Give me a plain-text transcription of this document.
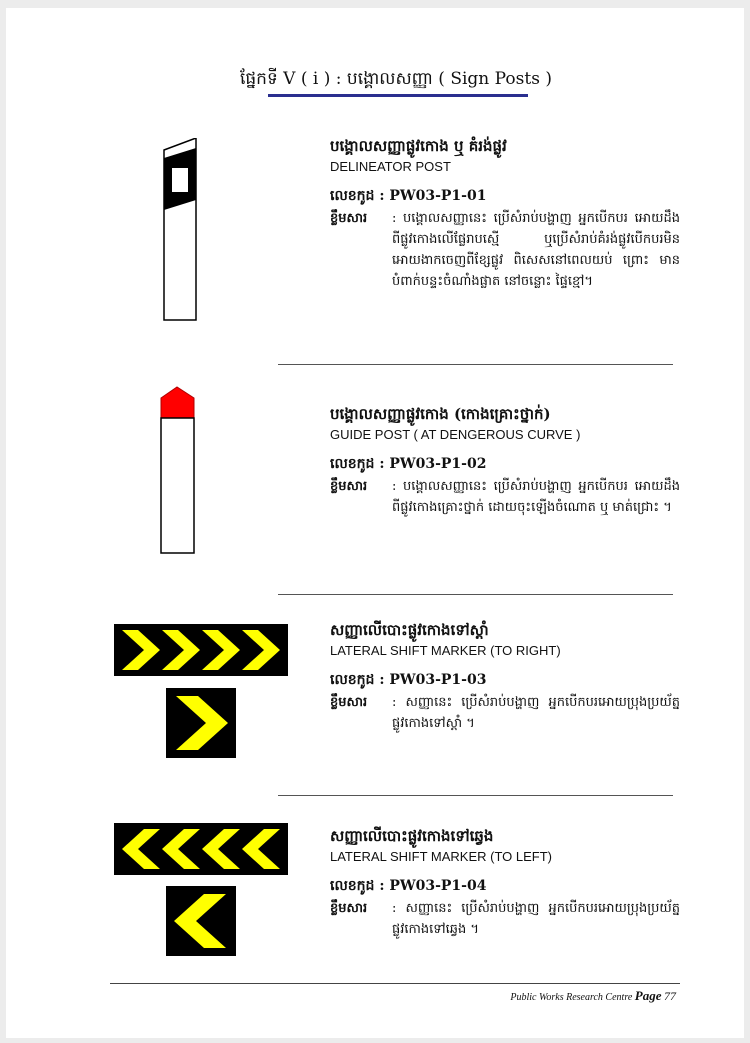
ផ្នែកទី V ( i ) : បង្គោលសញ្ញា ( Sign Posts )
បង្គោលសញ្ញាផ្លូវកោង ឬ គំរង់ផ្លូវ
DELINEATOR POST
លេខកូដ : PW03-P1-01
ខ្លឹមសារ	: បង្គោលសញ្ញានេះ ប្រើសំរាប់បង្ហាញ អ្នកបើកបរ អោយដឹង ពីផ្លូវកោងលើផ្លែរាបស្មើ ឬប្រើសំរាប់គំរង់ផ្លូវបើកបរមិនអោយងាកចេញពីខ្សែផ្លូវ ពិសេសនៅពេលយប់ ព្រោះ មានបំពាក់បន្ទះចំណាំងផ្លាត នៅចន្លោះ ផ្ទៃខ្មៅ។
បង្គោលសញ្ញាផ្លូវកោង (កោងគ្រោះថ្នាក់)
GUIDE POST ( AT DENGEROUS CURVE )
លេខកូដ : PW03-P1-02
ខ្លឹមសារ	: បង្គោលសញ្ញានេះ ប្រើសំរាប់បង្ហាញ អ្នកបើកបរ អោយដឹង ពីផ្លូវកោងគ្រោះថ្នាក់ ដោយចុះឡើងចំណោត ឬ មាត់ជ្រោះ ។
សញ្ញាលើបោះផ្លូវកោងទៅស្តាំ
LATERAL SHIFT MARKER (TO RIGHT)
លេខកូដ : PW03-P1-03
ខ្លឹមសារ	: សញ្ញានេះ ប្រើសំរាប់បង្ហាញ អ្នកបើកបរអោយប្រុងប្រយ័ត្ន ផ្លូវកោងទៅស្តាំ ។
សញ្ញាលើបោះផ្លូវកោងទៅឆ្វេង
LATERAL SHIFT MARKER (TO LEFT)
លេខកូដ : PW03-P1-04
ខ្លឹមសារ	: សញ្ញានេះ ប្រើសំរាប់បង្ហាញ អ្នកបើកបរអោយប្រុងប្រយ័ត្ន ផ្លូវកោងទៅឆ្វេង ។
Public Works Research Centre Page 77
